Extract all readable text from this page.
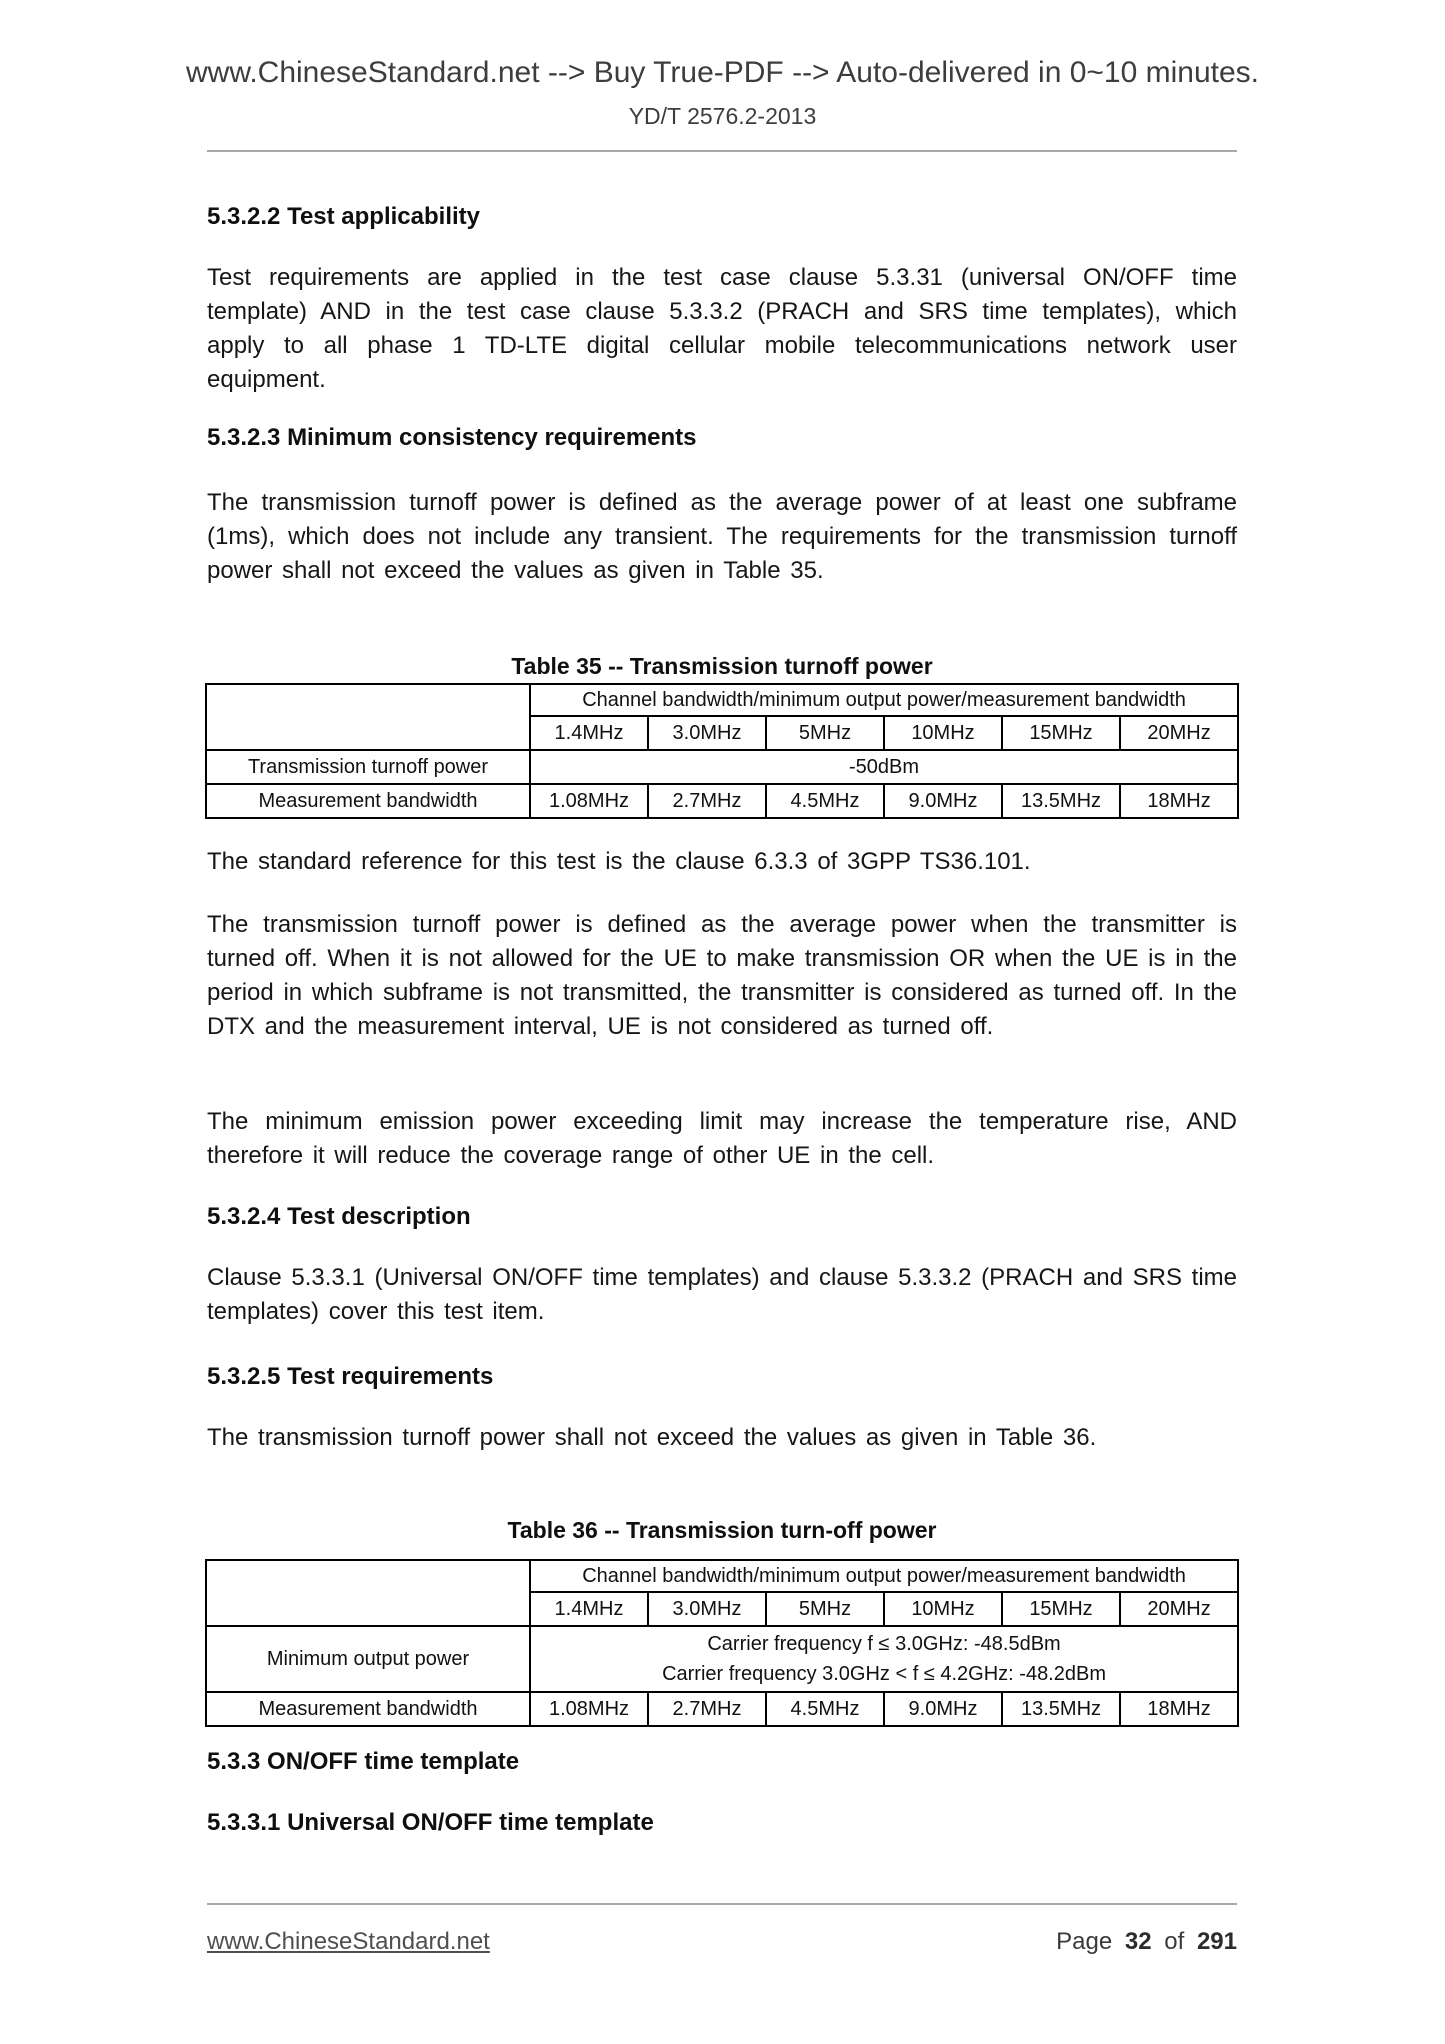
www.ChineseStandard.net --> Buy True-PDF --> Auto-delivered in 0~10 minutes.
YD/T 2576.2-2013
5.3.2.2 Test applicability
Test requirements are applied in the test case clause 5.3.31 (universal ON/OFF time template) AND in the test case clause 5.3.3.2 (PRACH and SRS time templates), which apply to all phase 1 TD-LTE digital cellular mobile telecommunications network user equipment.
5.3.2.3 Minimum consistency requirements
The transmission turnoff power is defined as the average power of at least one subframe (1ms), which does not include any transient. The requirements for the transmission turnoff power shall not exceed the values as given in Table 35.
Table 35 -- Transmission turnoff power
	Channel bandwidth/minimum output power/measurement bandwidth					
	1.4MHz	3.0MHz	5MHz	10MHz	15MHz	20MHz
Transmission turnoff power	-50dBm					
Measurement bandwidth	1.08MHz	2.7MHz	4.5MHz	9.0MHz	13.5MHz	18MHz
The standard reference for this test is the clause 6.3.3 of 3GPP TS36.101.
The transmission turnoff power is defined as the average power when the transmitter is turned off. When it is not allowed for the UE to make transmission OR when the UE is in the period in which subframe is not transmitted, the transmitter is considered as turned off. In the DTX and the measurement interval, UE is not considered as turned off.
The minimum emission power exceeding limit may increase the temperature rise, AND therefore it will reduce the coverage range of other UE in the cell.
5.3.2.4 Test description
Clause 5.3.3.1 (Universal ON/OFF time templates) and clause 5.3.3.2 (PRACH and SRS time templates) cover this test item.
5.3.2.5 Test requirements
The transmission turnoff power shall not exceed the values as given in Table 36.
Table 36 -- Transmission turn-off power
	Channel bandwidth/minimum output power/measurement bandwidth					
	1.4MHz	3.0MHz	5MHz	10MHz	15MHz	20MHz
Minimum output power	Carrier frequency f ≤ 3.0GHz: -48.5dBm
Carrier frequency 3.0GHz < f ≤ 4.2GHz: -48.2dBm					

Measurement bandwidth	1.08MHz	2.7MHz	4.5MHz	9.0MHz	13.5MHz	18MHz
5.3.3 ON/OFF time template
5.3.3.1 Universal ON/OFF time template
www.ChineseStandard.net	Page 32 of 291
